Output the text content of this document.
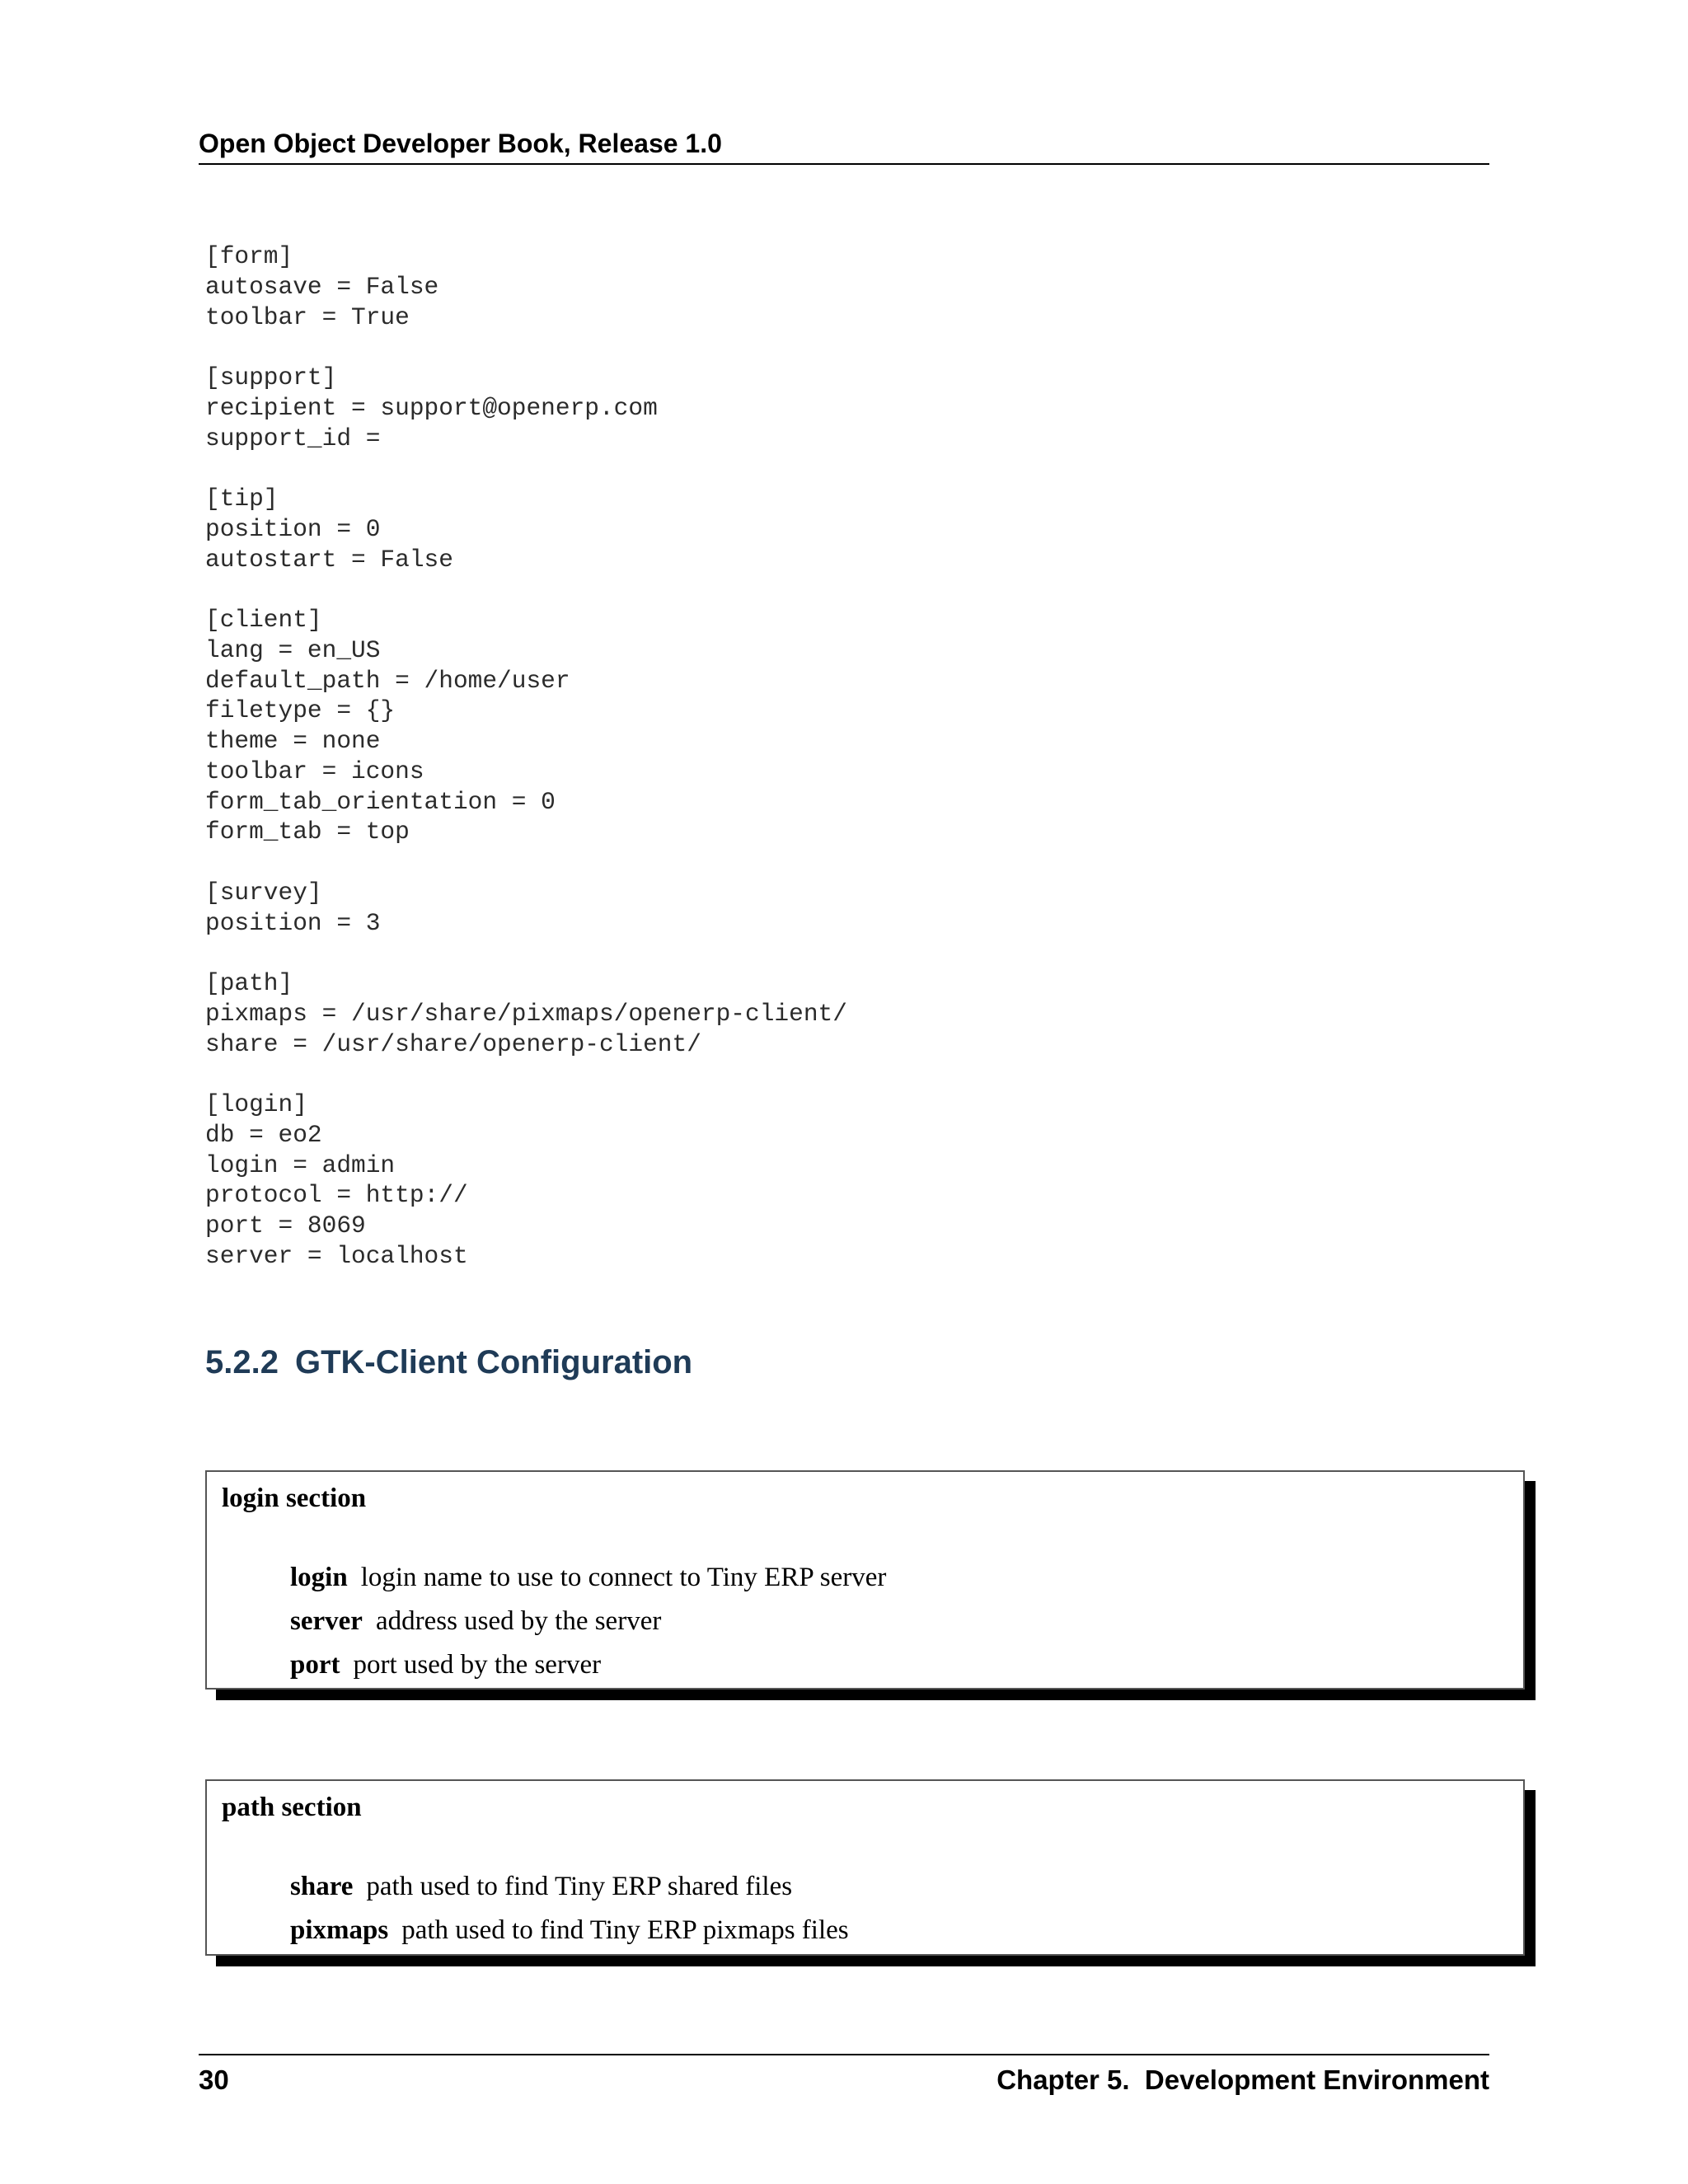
Open Object Developer Book, Release 1.0
[form]
autosave = False
toolbar = True
[support]
recipient = support@openerp.com
support_id =
[tip]
position = 0
autostart = False
[client]
lang = en_US
default_path = /home/user
filetype = {}
theme = none
toolbar = icons
form_tab_orientation = 0
form_tab = top
[survey]
position = 3
[path]
pixmaps = /usr/share/pixmaps/openerp-client/
share = /usr/share/openerp-client/
[login]
db = eo2
login = admin
protocol = http://
port = 8069
server = localhost
5.2.2 GTK-Client Configuration
login section
login login name to use to connect to Tiny ERP server
server address used by the server
port port used by the server
path section
share path used to find Tiny ERP shared files
pixmaps path used to find Tiny ERP pixmaps files
30	Chapter 5.  Development Environment
